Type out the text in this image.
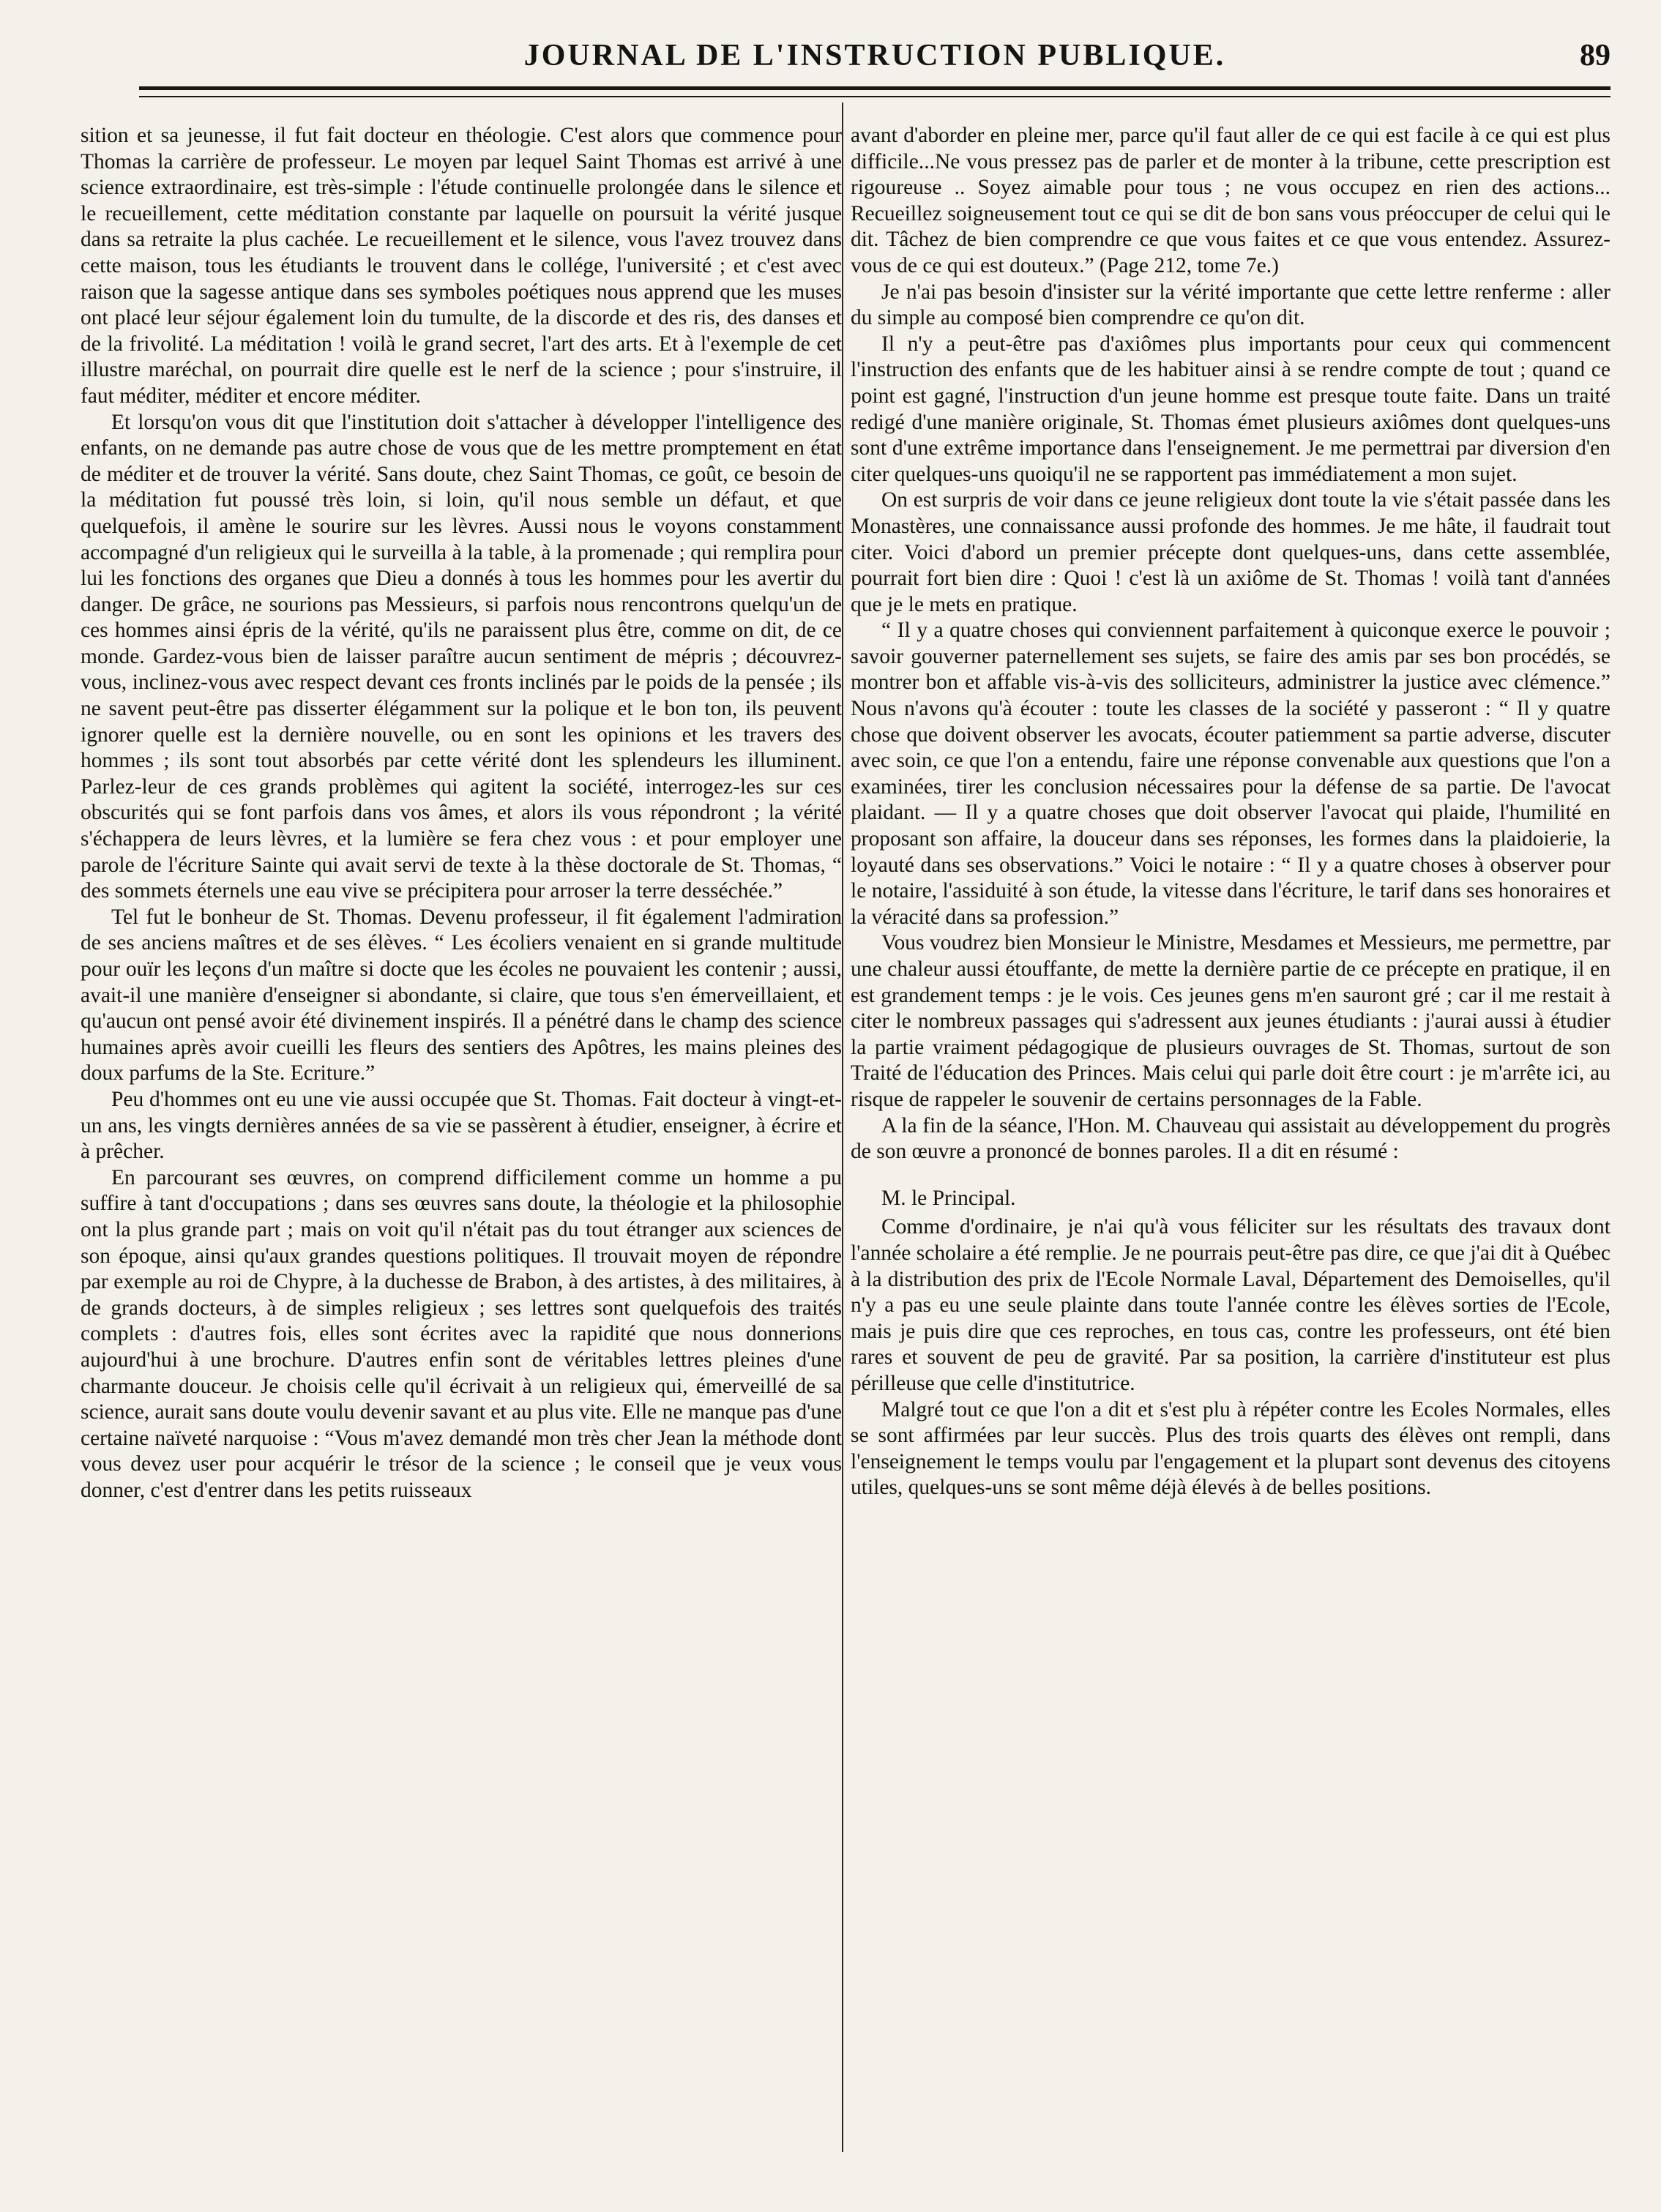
JOURNAL DE L'INSTRUCTION PUBLIQUE.	89

sition et sa jeunesse, il fut fait docteur en théologie. C'est alors que commence pour Thomas la carrière de professeur. Le moyen par lequel Saint Thomas est arrivé à une science extraordinaire, est très-simple : l'étude continuelle prolongée dans le silence et le recueillement, cette méditation constante par laquelle on poursuit la vérité jusque dans sa retraite la plus cachée. Le recueillement et le silence, vous l'avez trouvez dans cette maison, tous les étudiants le trouvent dans le collége, l'université ; et c'est avec raison que la sagesse antique dans ses symboles poétiques nous apprend que les muses ont placé leur séjour également loin du tumulte, de la discorde et des ris, des danses et de la frivolité. La méditation ! voilà le grand secret, l'art des arts. Et à l'exemple de cet illustre maréchal, on pourrait dire quelle est le nerf de la science ; pour s'instruire, il faut méditer, méditer et encore méditer.

Et lorsqu'on vous dit que l'institution doit s'attacher à développer l'intelligence des enfants, on ne demande pas autre chose de vous que de les mettre promptement en état de méditer et de trouver la vérité. Sans doute, chez Saint Thomas, ce goût, ce besoin de la méditation fut poussé très loin, si loin, qu'il nous semble un défaut, et que quelquefois, il amène le sourire sur les lèvres. Aussi nous le voyons constamment accompagné d'un religieux qui le surveilla à la table, à la promenade ; qui remplira pour lui les fonctions des organes que Dieu a donnés à tous les hommes pour les avertir du danger. De grâce, ne sourions pas Messieurs, si parfois nous rencontrons quelqu'un de ces hommes ainsi épris de la vérité, qu'ils ne paraissent plus être, comme on dit, de ce monde. Gardez-vous bien de laisser paraître aucun sentiment de mépris ; découvrez-vous, inclinez-vous avec respect devant ces fronts inclinés par le poids de la pensée ; ils ne savent peut-être pas disserter élégamment sur la polique et le bon ton, ils peuvent ignorer quelle est la dernière nouvelle, ou en sont les opinions et les travers des hommes ; ils sont tout absorbés par cette vérité dont les splendeurs les illuminent. Parlez-leur de ces grands problèmes qui agitent la société, interrogez-les sur ces obscurités qui se font parfois dans vos âmes, et alors ils vous répondront ; la vérité s'échappera de leurs lèvres, et la lumière se fera chez vous : et pour employer une parole de l'écriture Sainte qui avait servi de texte à la thèse doctorale de St. Thomas, “ des sommets éternels une eau vive se précipitera pour arroser la terre desséchée.”

Tel fut le bonheur de St. Thomas. Devenu professeur, il fit également l'admiration de ses anciens maîtres et de ses élèves. “ Les écoliers venaient en si grande multitude pour ouïr les leçons d'un maître si docte que les écoles ne pouvaient les contenir ; aussi, avait-il une manière d'enseigner si abondante, si claire, que tous s'en émerveillaient, et qu'aucun ont pensé avoir été divinement inspirés. Il a pénétré dans le champ des science humaines après avoir cueilli les fleurs des sentiers des Apôtres, les mains pleines des doux parfums de la Ste. Ecriture.”

Peu d'hommes ont eu une vie aussi occupée que St. Thomas. Fait docteur à vingt-et-un ans, les vingts dernières années de sa vie se passèrent à étudier, enseigner, à écrire et à prêcher.

En parcourant ses œuvres, on comprend difficilement comme un homme a pu suffire à tant d'occupations ; dans ses œuvres sans doute, la théologie et la philosophie ont la plus grande part ; mais on voit qu'il n'était pas du tout étranger aux sciences de son époque, ainsi qu'aux grandes questions politiques. Il trouvait moyen de répondre par exemple au roi de Chypre, à la duchesse de Brabon, à des artistes, à des militaires, à de grands docteurs, à de simples religieux ; ses lettres sont quelquefois des traités complets : d'autres fois, elles sont écrites avec la rapidité que nous donnerions aujourd'hui à une brochure. D'autres enfin sont de véritables lettres pleines d'une charmante douceur. Je choisis celle qu'il écrivait à un religieux qui, émerveillé de sa science, aurait sans doute voulu devenir savant et au plus vite. Elle ne manque pas d'une certaine naïveté narquoise : “Vous m'avez demandé mon très cher Jean la méthode dont vous devez user pour acquérir le trésor de la science ; le conseil que je veux vous donner, c'est d'entrer dans les petits ruisseaux

avant d'aborder en pleine mer, parce qu'il faut aller de ce qui est facile à ce qui est plus difficile...Ne vous pressez pas de parler et de monter à la tribune, cette prescription est rigoureuse .. Soyez aimable pour tous ; ne vous occupez en rien des actions... Recueillez soigneusement tout ce qui se dit de bon sans vous préoccuper de celui qui le dit. Tâchez de bien comprendre ce que vous faites et ce que vous entendez. Assurez-vous de ce qui est douteux.” (Page 212, tome 7e.)

Je n'ai pas besoin d'insister sur la vérité importante que cette lettre renferme : aller du simple au composé bien comprendre ce qu'on dit.

Il n'y a peut-être pas d'axiômes plus importants pour ceux qui commencent l'instruction des enfants que de les habituer ainsi à se rendre compte de tout ; quand ce point est gagné, l'instruction d'un jeune homme est presque toute faite. Dans un traité redigé d'une manière originale, St. Thomas émet plusieurs axiômes dont quelques-uns sont d'une extrême importance dans l'enseignement. Je me permettrai par diversion d'en citer quelques-uns quoiqu'il ne se rapportent pas immédiatement a mon sujet.

On est surpris de voir dans ce jeune religieux dont toute la vie s'était passée dans les Monastères, une connaissance aussi profonde des hommes. Je me hâte, il faudrait tout citer. Voici d'abord un premier précepte dont quelques-uns, dans cette assemblée, pourrait fort bien dire : Quoi ! c'est là un axiôme de St. Thomas ! voilà tant d'années que je le mets en pratique.

“ Il y a quatre choses qui conviennent parfaitement à quiconque exerce le pouvoir ; savoir gouverner paternellement ses sujets, se faire des amis par ses bon procédés, se montrer bon et affable vis-à-vis des solliciteurs, administrer la justice avec clémence.” Nous n'avons qu'à écouter : toute les classes de la société y passeront : “ Il y quatre chose que doivent observer les avocats, écouter patiemment sa partie adverse, discuter avec soin, ce que l'on a entendu, faire une réponse convenable aux questions que l'on a examinées, tirer les conclusion nécessaires pour la défense de sa partie. De l'avocat plaidant. — Il y a quatre choses que doit observer l'avocat qui plaide, l'humilité en proposant son affaire, la douceur dans ses réponses, les formes dans la plaidoierie, la loyauté dans ses observations.” Voici le notaire : “ Il y a quatre choses à observer pour le notaire, l'assiduité à son étude, la vitesse dans l'écriture, le tarif dans ses honoraires et la véracité dans sa profession.”

Vous voudrez bien Monsieur le Ministre, Mesdames et Messieurs, me permettre, par une chaleur aussi étouffante, de mette la dernière partie de ce précepte en pratique, il en est grandement temps : je le vois. Ces jeunes gens m'en sauront gré ; car il me restait à citer le nombreux passages qui s'adressent aux jeunes étudiants : j'aurai aussi à étudier la partie vraiment pédagogique de plusieurs ouvrages de St. Thomas, surtout de son Traité de l'éducation des Princes. Mais celui qui parle doit être court : je m'arrête ici, au risque de rappeler le souvenir de certains personnages de la Fable.

A la fin de la séance, l'Hon. M. Chauveau qui assistait au développement du progrès de son œuvre a prononcé de bonnes paroles. Il a dit en résumé :

M. le Principal.

Comme d'ordinaire, je n'ai qu'à vous féliciter sur les résultats des travaux dont l'année scholaire a été remplie. Je ne pourrais peut-être pas dire, ce que j'ai dit à Québec à la distribution des prix de l'Ecole Normale Laval, Département des Demoiselles, qu'il n'y a pas eu une seule plainte dans toute l'année contre les élèves sorties de l'Ecole, mais je puis dire que ces reproches, en tous cas, contre les professeurs, ont été bien rares et souvent de peu de gravité. Par sa position, la carrière d'instituteur est plus périlleuse que celle d'institutrice.

Malgré tout ce que l'on a dit et s'est plu à répéter contre les Ecoles Normales, elles se sont affirmées par leur succès. Plus des trois quarts des élèves ont rempli, dans l'enseignement le temps voulu par l'engagement et la plupart sont devenus des citoyens utiles, quelques-uns se sont même déjà élevés à de belles positions.
